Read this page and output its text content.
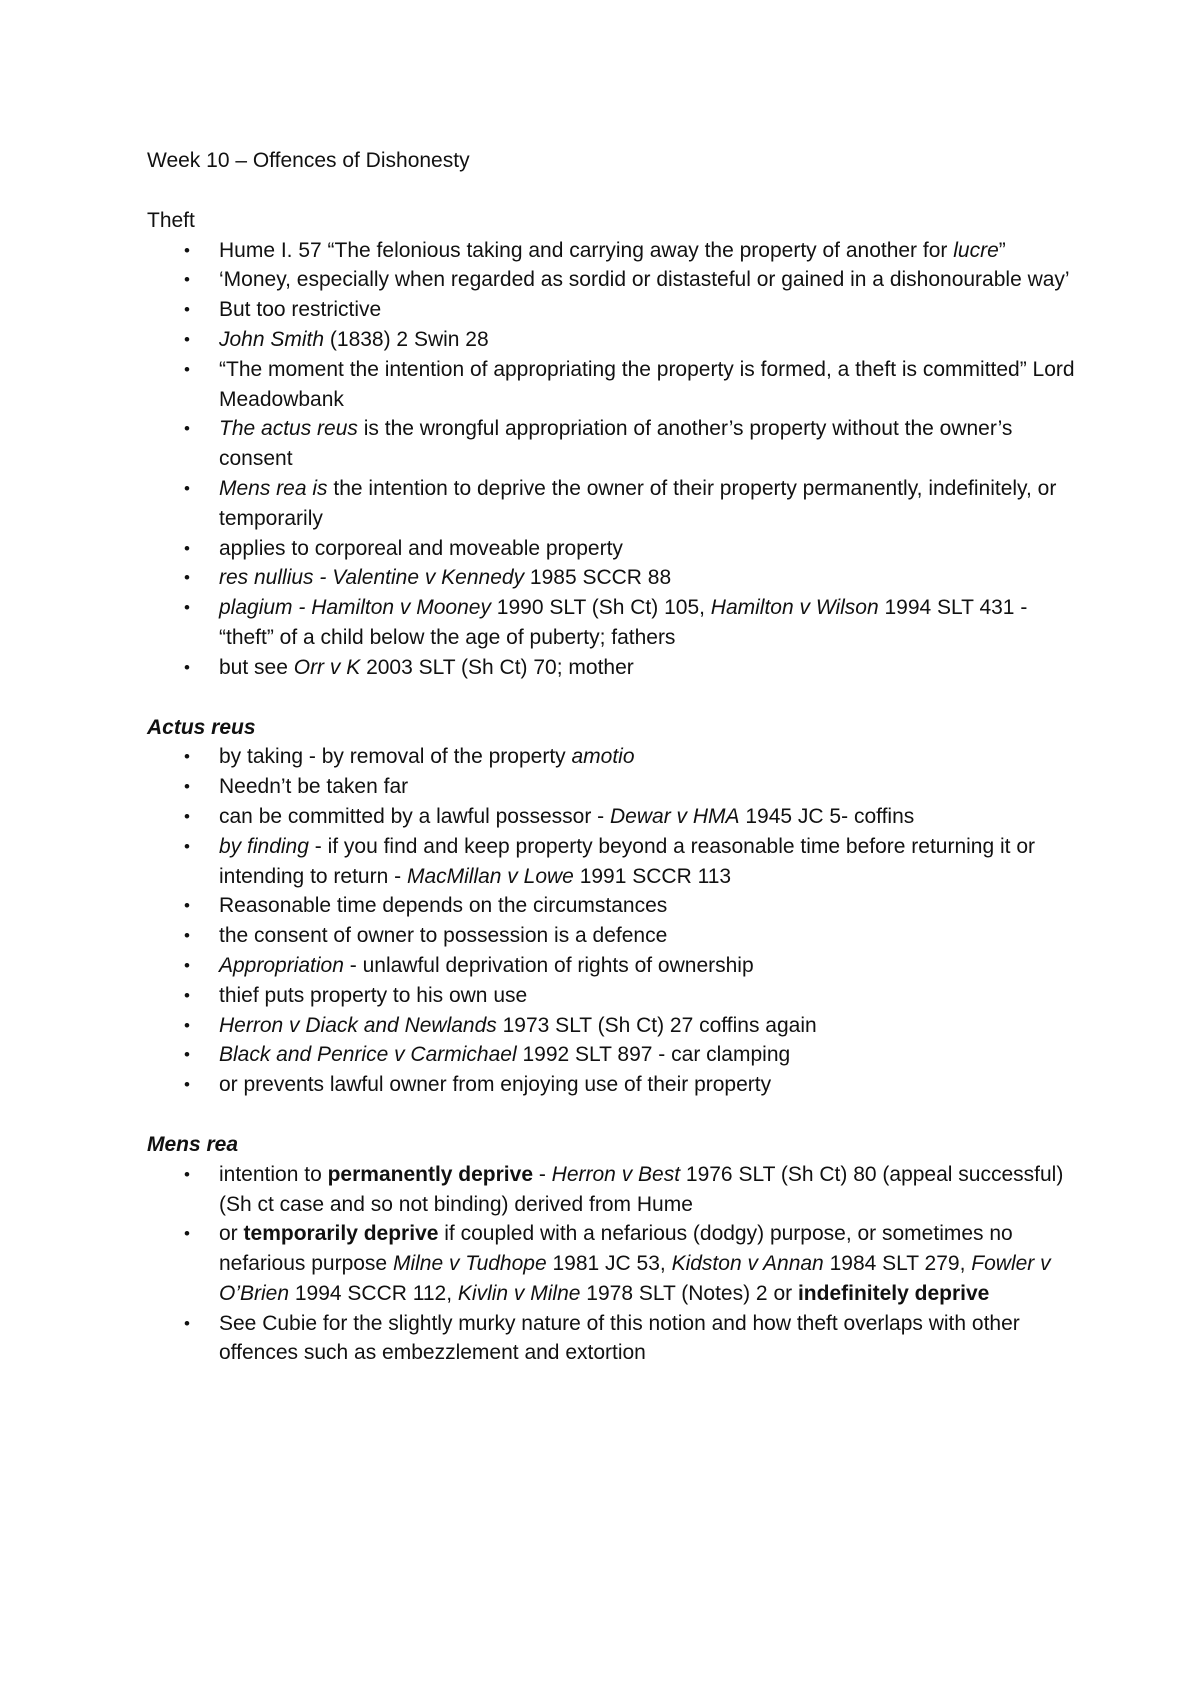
Week 10 – Offences of Dishonesty

Theft

• Hume I. 57 “The felonious taking and carrying away the property of another for lucre”
• ‘Money, especially when regarded as sordid or distasteful or gained in a dishonourable way’
• But too restrictive
• John Smith (1838) 2 Swin 28
• “The moment the intention of appropriating the property is formed, a theft is committed” Lord Meadowbank
• The actus reus is the wrongful appropriation of another’s property without the owner’s consent
• Mens rea is the intention to deprive the owner of their property permanently, indefinitely, or temporarily
• applies to corporeal and moveable property
• res nullius - Valentine v Kennedy 1985 SCCR 88
• plagium - Hamilton v Mooney 1990 SLT (Sh Ct) 105, Hamilton v Wilson 1994 SLT 431 - “theft” of a child below the age of puberty; fathers
• but see Orr v K 2003 SLT (Sh Ct) 70; mother

Actus reus

• by taking - by removal of the property amotio
• Needn’t be taken far
• can be committed by a lawful possessor - Dewar v HMA 1945 JC 5- coffins
• by finding - if you find and keep property beyond a reasonable time before returning it or intending to return - MacMillan v Lowe 1991 SCCR 113
• Reasonable time depends on the circumstances
• the consent of owner to possession is a defence
• Appropriation - unlawful deprivation of rights of ownership
• thief puts property to his own use
• Herron v Diack and Newlands 1973 SLT (Sh Ct) 27 coffins again
• Black and Penrice v Carmichael 1992 SLT 897 - car clamping
• or prevents lawful owner from enjoying use of their property

Mens rea

• intention to permanently deprive - Herron v Best 1976 SLT (Sh Ct) 80 (appeal successful) (Sh ct case and so not binding) derived from Hume
• or temporarily deprive if coupled with a nefarious (dodgy) purpose, or sometimes no nefarious purpose Milne v Tudhope 1981 JC 53, Kidston v Annan 1984 SLT 279, Fowler v O’Brien 1994 SCCR 112, Kivlin v Milne 1978 SLT (Notes) 2 or indefinitely deprive
• See Cubie for the slightly murky nature of this notion and how theft overlaps with other offences such as embezzlement and extortion
